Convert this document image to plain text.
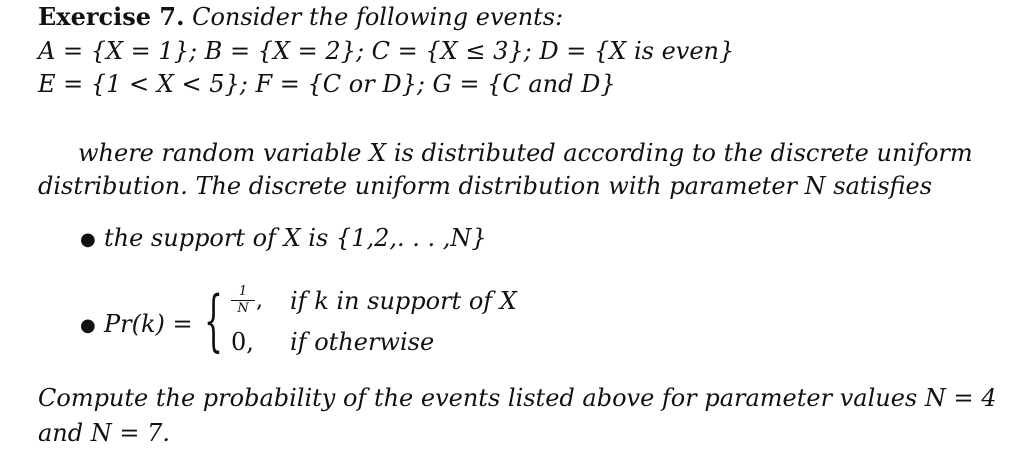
Exercise 7. Consider the following events:
A = {X = 1}; B = {X = 2}; C = {X ≤ 3}; D = {X is even}
E = {1 < X < 5}; F = {C or D}; G = {C and D}
where random variable X is distributed according to the discrete uniform
distribution. The discrete uniform distribution with parameter N satisfies
● the support of X is {1,2,. . . ,N}
● Pr(k) = {	1
N , if k in support of X
0, if otherwise
Compute the probability of the events listed above for parameter values N = 4
and N = 7.
